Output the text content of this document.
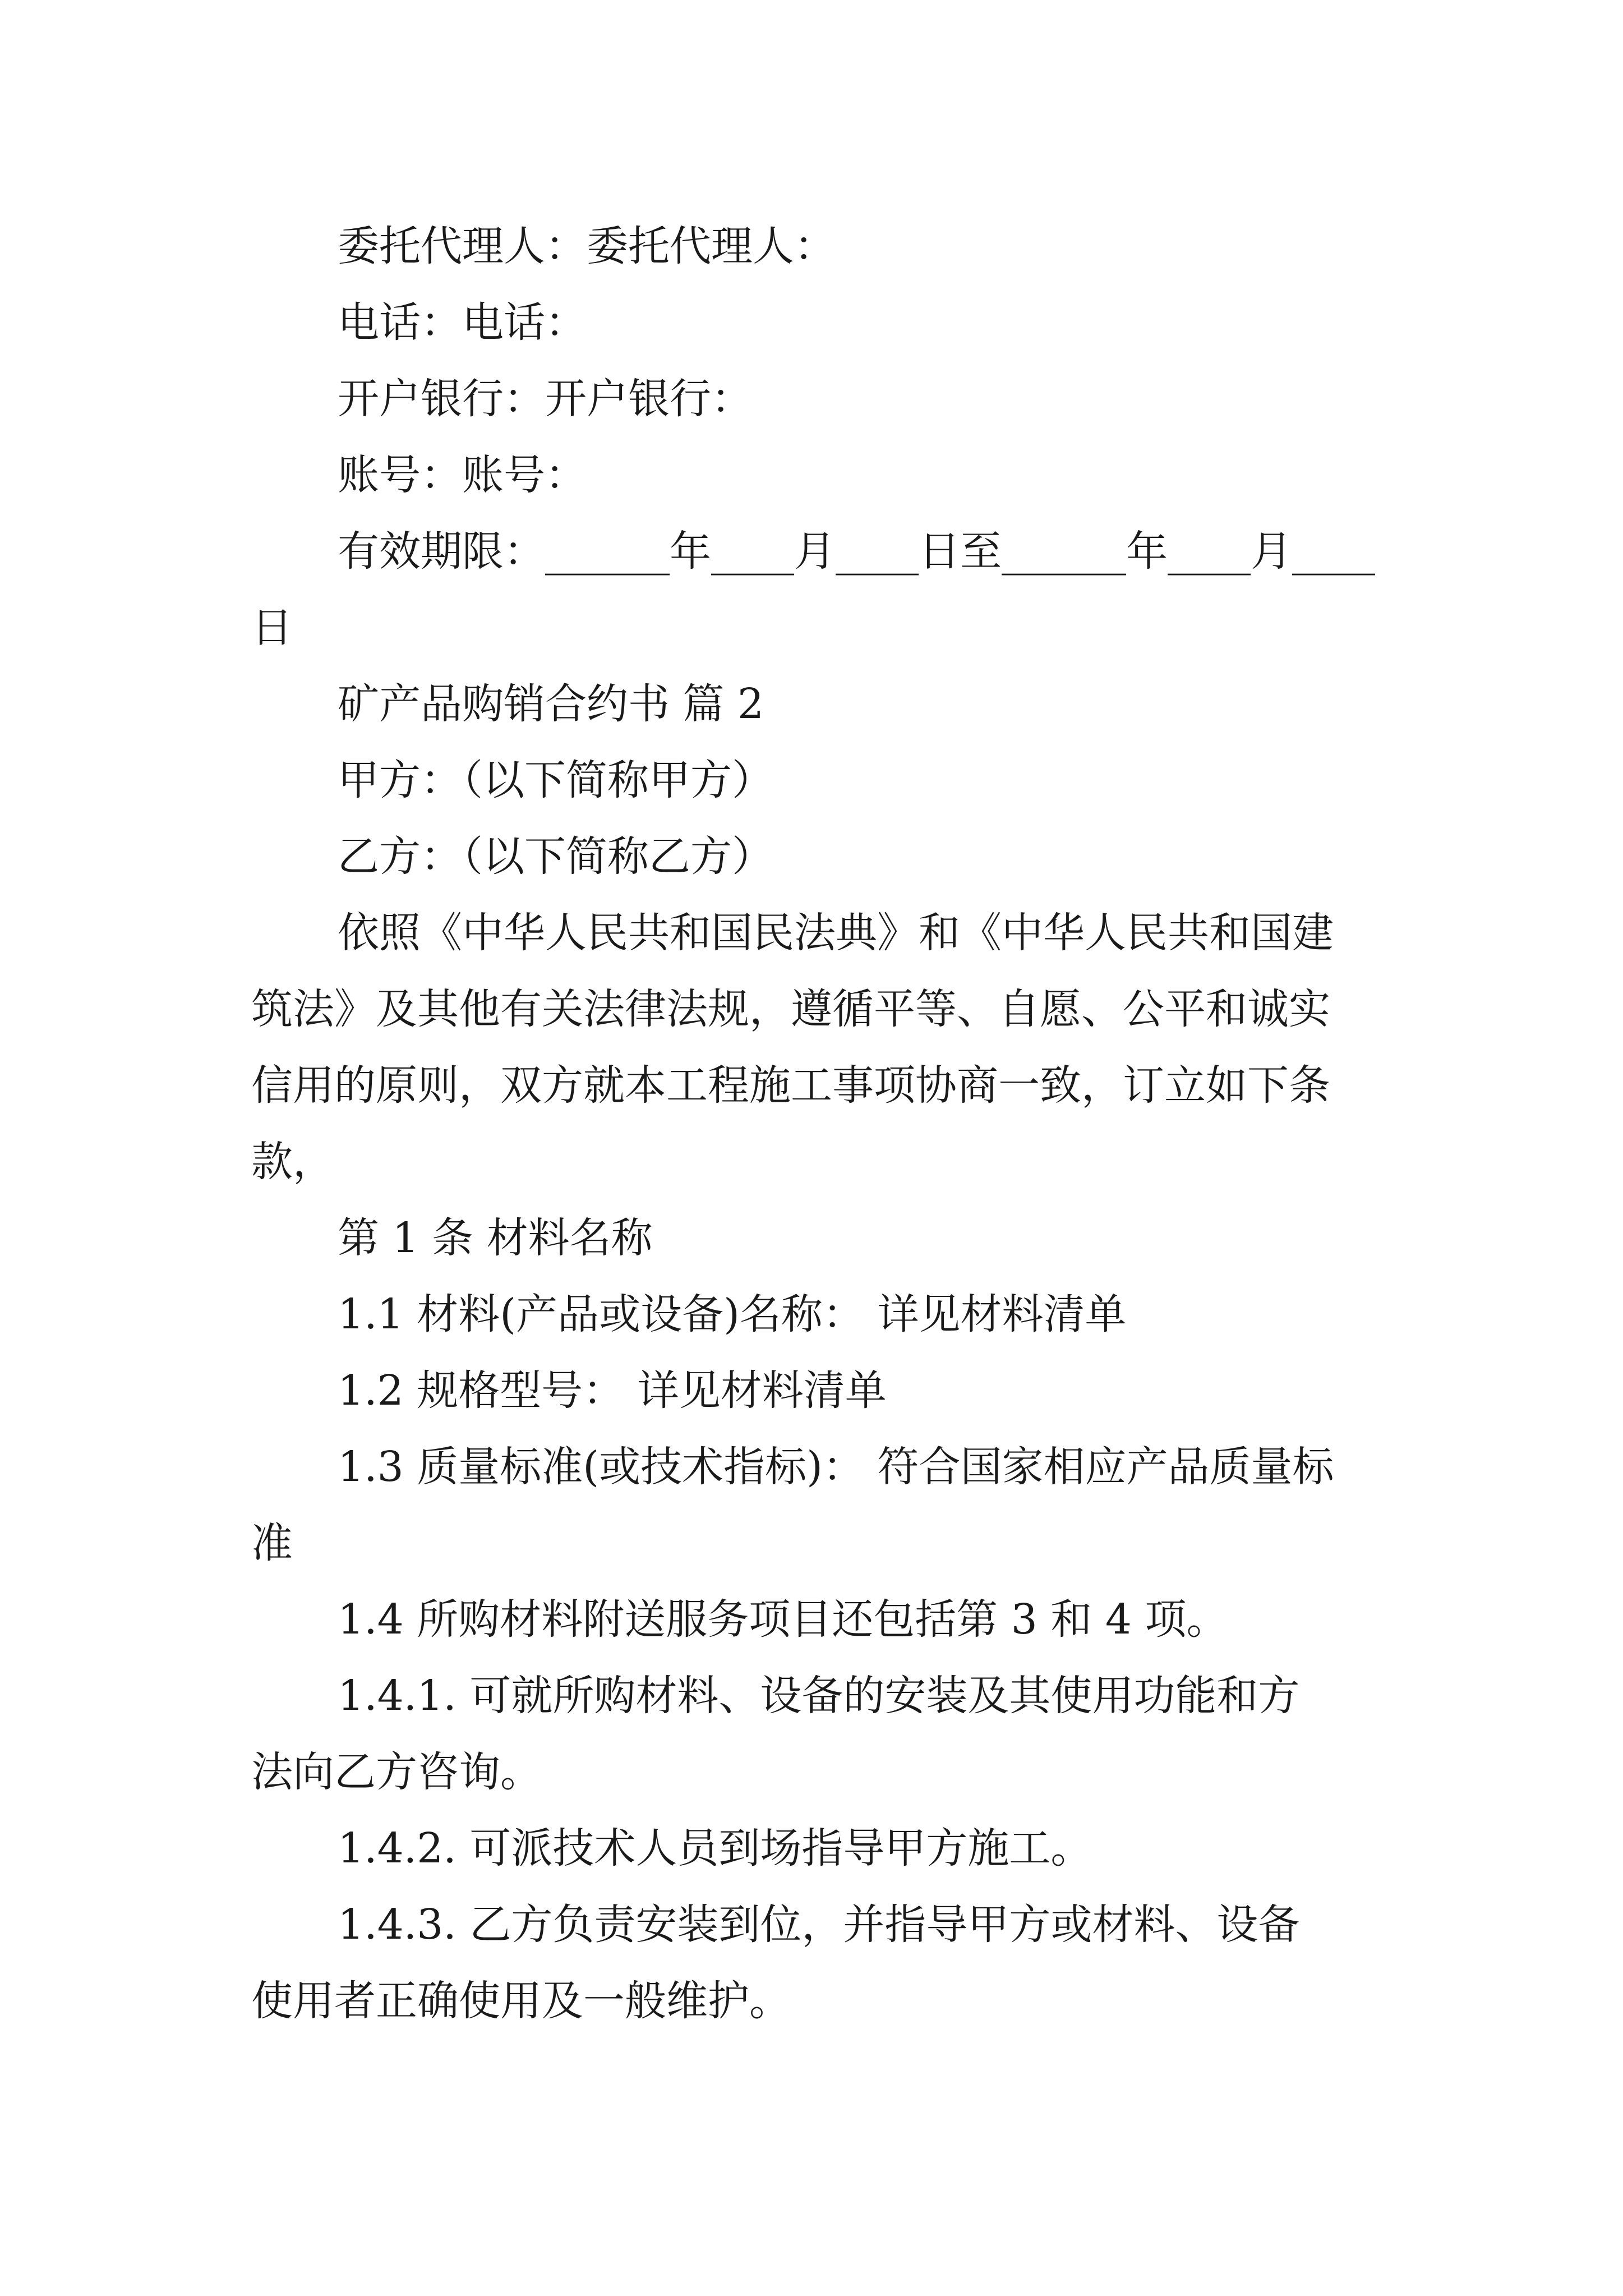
委托代理人：委托代理人：
电话：电话：
开户银行：开户银行：
账号：账号：
有效期限：______年____月____日至______年____月____
日
矿产品购销合约书 篇 2
甲方：（以下简称甲方）
乙方：（以下简称乙方）
依照《中华人民共和国民法典》和《中华人民共和国建
筑法》及其他有关法律法规，遵循平等、自愿、公平和诚实
信用的原则，双方就本工程施工事项协商一致，订立如下条
款，
第 1 条 材料名称
1.1 材料(产品或设备)名称： 详见材料清单
1.2 规格型号： 详见材料清单
1.3 质量标准(或技术指标)： 符合国家相应产品质量标
准
1.4 所购材料附送服务项目还包括第 3 和 4 项。
1.4.1. 可就所购材料、设备的安装及其使用功能和方
法向乙方咨询。
1.4.2. 可派技术人员到场指导甲方施工。
1.4.3. 乙方负责安装到位，并指导甲方或材料、设备
使用者正确使用及一般维护。
